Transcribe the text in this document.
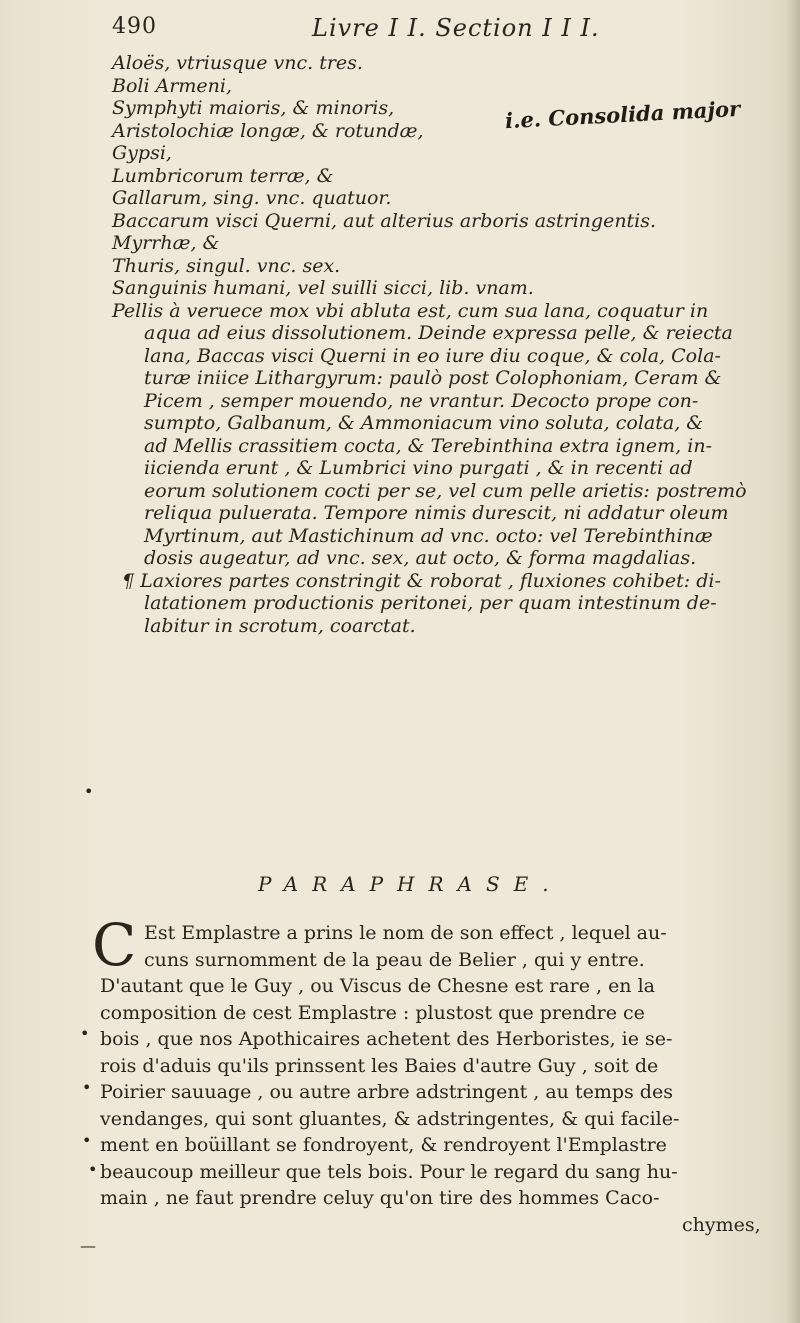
490	Livre I I. Section I I I.
Aloës, vtriusque vnc. tres.
Boli Armeni,
Symphyti maioris, & minoris,
Aristolochiæ longæ, & rotundæ,
Gypsi,
Lumbricorum terræ, &
Gallarum, sing. vnc. quatuor.
Baccarum visci Querni, aut alterius arboris astringentis.
Myrrhæ, &
Thuris, singul. vnc. sex.
Sanguinis humani, vel suilli sicci, lib. vnam.
Pellis à veruece mox vbi abluta est, cum sua lana, coquatur in
aqua ad eius dissolutionem. Deinde expressa pelle, & reiecta
lana, Baccas visci Querni in eo iure diu coque, & cola, Cola-
turæ iniice Lithargyrum: paulò post Colophoniam, Ceram &
Picem , semper mouendo, ne vrantur. Decocto prope con-
sumpto, Galbanum, & Ammoniacum vino soluta, colata, &
ad Mellis crassitiem cocta, & Terebinthina extra ignem, in-
iicienda erunt , & Lumbrici vino purgati , & in recenti ad
eorum solutionem cocti per se, vel cum pelle arietis: postremò
reliqua puluerata. Tempore nimis durescit, ni addatur oleum
Myrtinum, aut Mastichinum ad vnc. octo: vel Terebinthinæ
dosis augeatur, ad vnc. sex, aut octo, & forma magdalias.
¶ Laxiores partes constringit & roborat , fluxiones cohibet: di-
latationem productionis peritonei, per quam intestinum de-
labitur in scrotum, coarctat.
i.e. Consolida major
PARAPHRASE.
C Est Emplastre a prins le nom de son effect , lequel au-
cuns surnomment de la peau de Belier , qui y entre.
D'autant que le Guy , ou Viscus de Chesne est rare , en la
composition de cest Emplastre : plustost que prendre ce
bois , que nos Apothicaires achetent des Herboristes, ie se-
rois d'aduis qu'ils prinssent les Baies d'autre Guy , soit de
Poirier sauuage , ou autre arbre adstringent , au temps des
vendanges, qui sont gluantes, & adstringentes, & qui facile-
ment en boüillant se fondroyent, & rendroyent l'Emplastre
beaucoup meilleur que tels bois. Pour le regard du sang hu-
main , ne faut prendre celuy qu'on tire des hommes Caco-
chymes,
•
•
•
•
•
—
